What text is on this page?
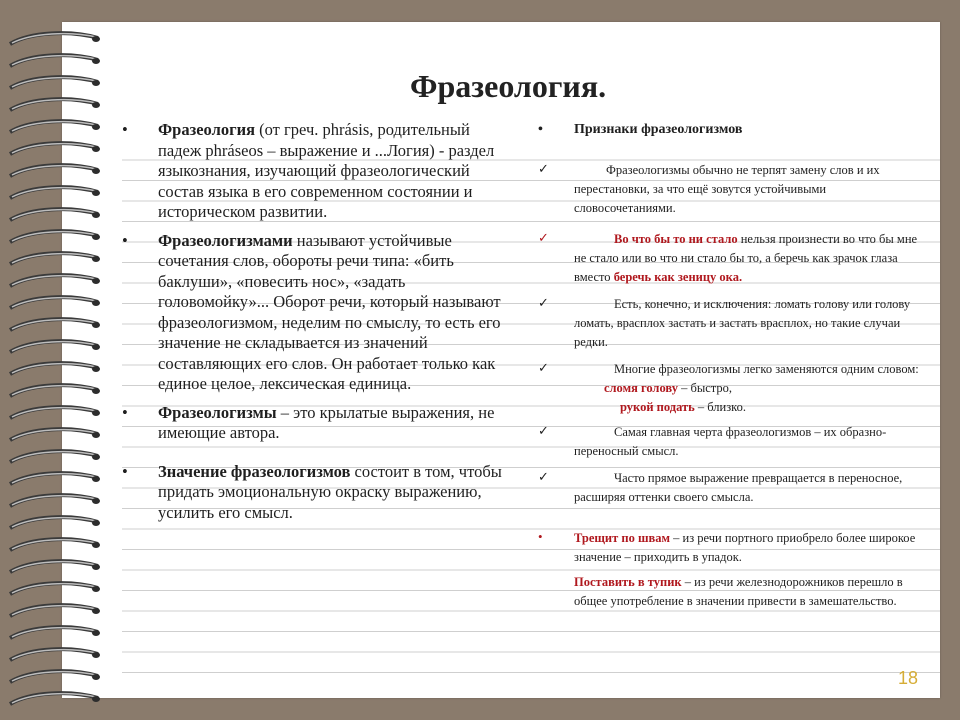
Фразеология.
• Фразеология (от греч. phrásis, родительный падеж phráseos – выражение и ...Логия) - раздел языкознания, изучающий фразеологический состав языка в его современном состоянии и историческом развитии.
• Фразеологизмами называют устойчивые сочетания слов, обороты речи типа: «бить баклуши», «повесить нос», «задать головомойку»... Оборот речи, который называют фразеологизмом, неделим по смыслу, то есть его значение не складывается из значений составляющих его слов. Он работает только как единое целое, лексическая единица.
• Фразеологизмы – это крылатые выражения, не имеющие автора.
• Значение фразеологизмов состоит в том, чтобы придать эмоциональную окраску выражению, усилить его смысл.
• Признаки фразеологизмов
✓	Фразеологизмы обычно не терпят замену слов и их перестановки, за что ещё зовутся устойчивыми словосочетаниями.
✓	Во что бы то ни стало нельзя произнести во что бы мне не стало или во что ни стало бы то, а беречь как зрачок глаза вместо беречь как зеницу ока.
✓	Есть, конечно, и исключения: ломать голову или голову ломать, врасплох застать и застать врасплох, но такие случаи редки.
✓	Многие фразеологизмы легко заменяются одним словом:
сломя голову – быстро,
рукой подать – близко.
✓	Самая главная черта фразеологизмов – их образно-переносный смысл.
✓	Часто прямое выражение превращается в переносное, расширяя оттенки своего смысла.
•	Трещит по швам – из речи портного приобрело более широкое значение – приходить в упадок.
Поставить в тупик – из речи железнодорожников перешло в общее употребление в значении привести в замешательство.
18
